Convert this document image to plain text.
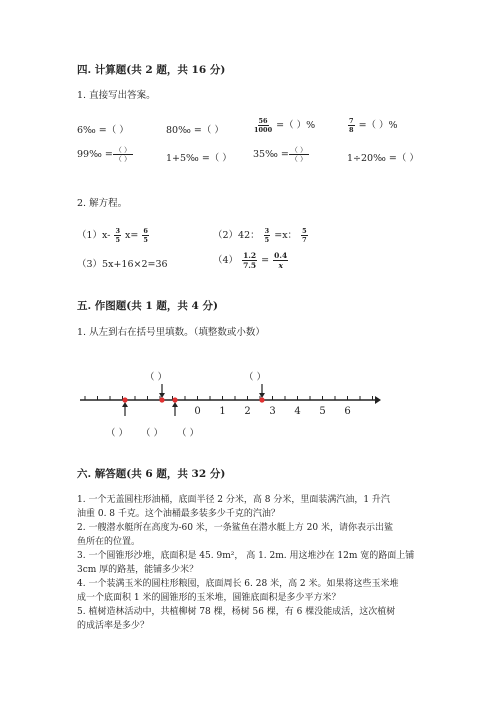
四. 计算题(共 2 题，共 16 分)
1. 直接写出答案。
6‰ =（ ）	80‰ =（ ）	$\frac{56}{1000}$ =（ ）%	$\frac{7}{8}$ =（ ）%
99‰ = $\frac{( )}{( )}$	1+5‰ =（ ） 35‰ = $\frac{( )}{( )}$	1÷20‰ =（ ）
2. 解方程。
$(1)x- \frac{3}{5} x= \frac{6}{5}$	（2）42： $\frac{3}{5} =x$： $\frac{5}{7}$
（3）5x+16×2=36	$(4) \frac{1.2}{7.5} = \frac{0.4}{x}$
五. 作图题(共 1 题，共 4 分)
1. 从左到右在括号里填数。（填整数或小数）
（ ）	（ ）
0 1 2 3 4 5 6
（ ） （ ） （ ）
六. 解答题(共 6 题，共 32 分)
1. 一个无盖圆柱形油桶，底面半径 2 分米，高 8 分米，里面装满汽油，1 升汽
油重 0. 8 千克。这个油桶最多装多少千克的汽油？
2. 一艘潜水艇所在高度为-60 米，一条鲨鱼在潜水艇上方 20 米，请你表示出鲨
鱼所在的位置。
3. 一个圆锥形沙堆，底面积是 45. 9m²， 高 1. 2m. 用这堆沙在 12m 宽的路面上铺
3cm 厚的路基，能铺多少米？
4. 一个装满玉米的圆柱形粮囤，底面周长 6. 28 米，高 2 米。如果将这些玉米堆
成一个底面积 1 米的圆锥形的玉米堆，圆锥底面积是多少平方米？
5. 植树造林活动中，共植柳树 78 棵，杨树 56 棵，有 6 棵没能成活，这次植树
的成活率是多少？
